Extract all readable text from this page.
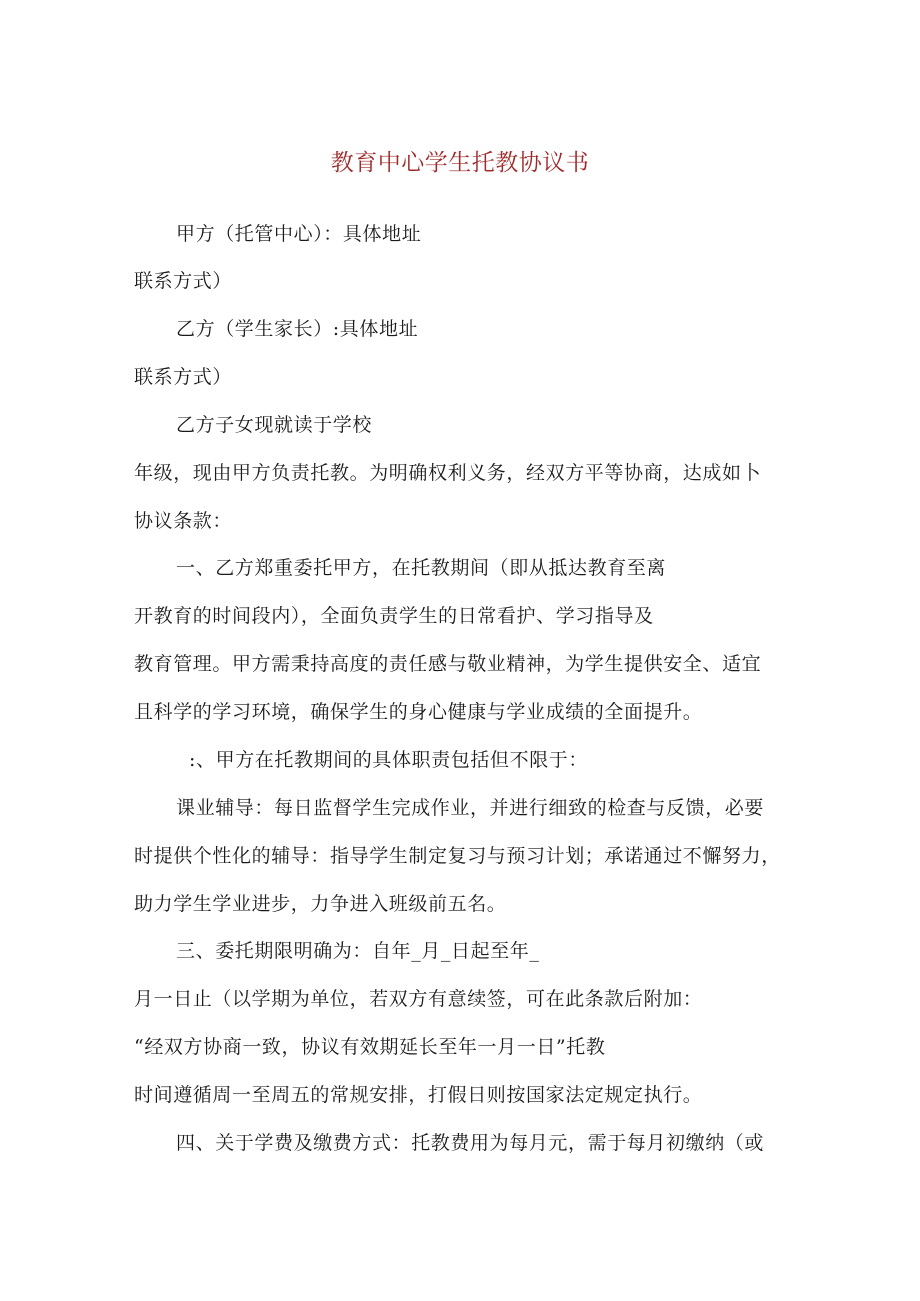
教育中心学生托教协议书
甲方（托管中心）：具体地址
联系方式）
乙方（学生家长）:具体地址
联系方式）
乙方子女现就读于学校
年级，现由甲方负责托教。为明确权利义务，经双方平等协商，达成如卜
协议条款：
一、乙方郑重委托甲方，在托教期间（即从抵达教育至离
开教育的时间段内），全面负责学生的日常看护、学习指导及
教育管理。甲方需秉持高度的责任感与敬业精神，为学生提供安全、适宜
且科学的学习环境，确保学生的身心健康与学业成绩的全面提升。
:、甲方在托教期间的具体职责包括但不限于：
课业辅导：每日监督学生完成作业，并进行细致的检查与反馈，必要
时提供个性化的辅导：指导学生制定复习与预习计划；承诺通过不懈努力，
助力学生学业进步，力争进入班级前五名。
三、委托期限明确为：自年_月_日起至年_
月一日止（以学期为单位，若双方有意续签，可在此条款后附加：
“经双方协商一致，协议有效期延长至年一月一日”托教
时间遵循周一至周五的常规安排，打假日则按国家法定规定执行。
四、关于学费及缴费方式：托教费用为每月元，需于每月初缴纳（或
